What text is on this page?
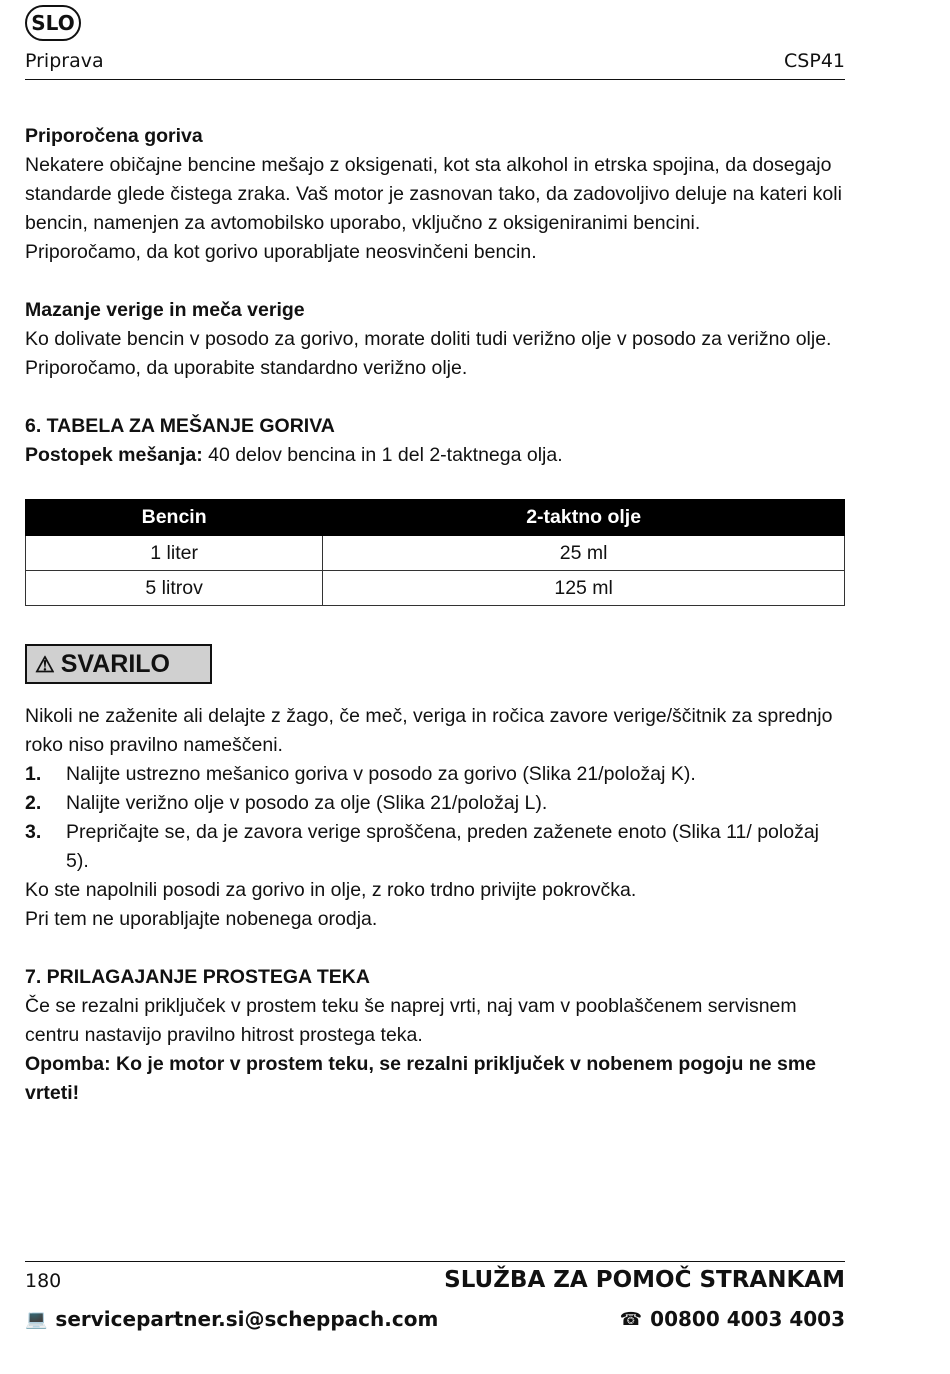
SLO
Priprava	CSP41

Priporočena goriva

Nekatere običajne bencine mešajo z oksigenati, kot sta alkohol in etrska spojina, da dosegajo standarde glede čistega zraka. Vaš motor je zasnovan tako, da zadovoljivo deluje na kateri koli bencin, namenjen za avtomobilsko uporabo, vključno z oksigeniranimi bencini.

Priporočamo, da kot gorivo uporabljate neosvinčeni bencin.

Mazanje verige in meča verige

Ko dolivate bencin v posodo za gorivo, morate doliti tudi verižno olje v posodo za verižno olje. Priporočamo, da uporabite standardno verižno olje.

6. TABELA ZA MEŠANJE GORIVA

Postopek mešanja: 40 delov bencina in 1 del 2-taktnega olja.

Bencin	2-taktno olje
1 liter	25 ml
5 litrov	125 ml
⚠ SVARILO

Nikoli ne zaženite ali delajte z žago, če meč, veriga in ročica zavore verige/ščitnik za sprednjo roko niso pravilno nameščeni.

1.	Nalijte ustrezno mešanico goriva v posodo za gorivo (Slika 21/položaj K).
2.	Nalijte verižno olje v posodo za olje (Slika 21/položaj L).
3.	Prepričajte se, da je zavora verige sproščena, preden zaženete enoto (Slika 11/ položaj 5).

Ko ste napolnili posodi za gorivo in olje, z roko trdno privijte pokrovčka.

Pri tem ne uporabljajte nobenega orodja.

7. PRILAGAJANJE PROSTEGA TEKA

Če se rezalni priključek v prostem teku še naprej vrti, naj vam v pooblaščenem servisnem centru nastavijo pravilno hitrost prostega teka.

Opomba: Ko je motor v prostem teku, se rezalni priključek v nobenem pogoju ne sme vrteti!

180	SLUŽBA ZA POMOČ STRANKAM
💻 servicepartner.si@scheppach.com	☎ 00800 4003 4003
